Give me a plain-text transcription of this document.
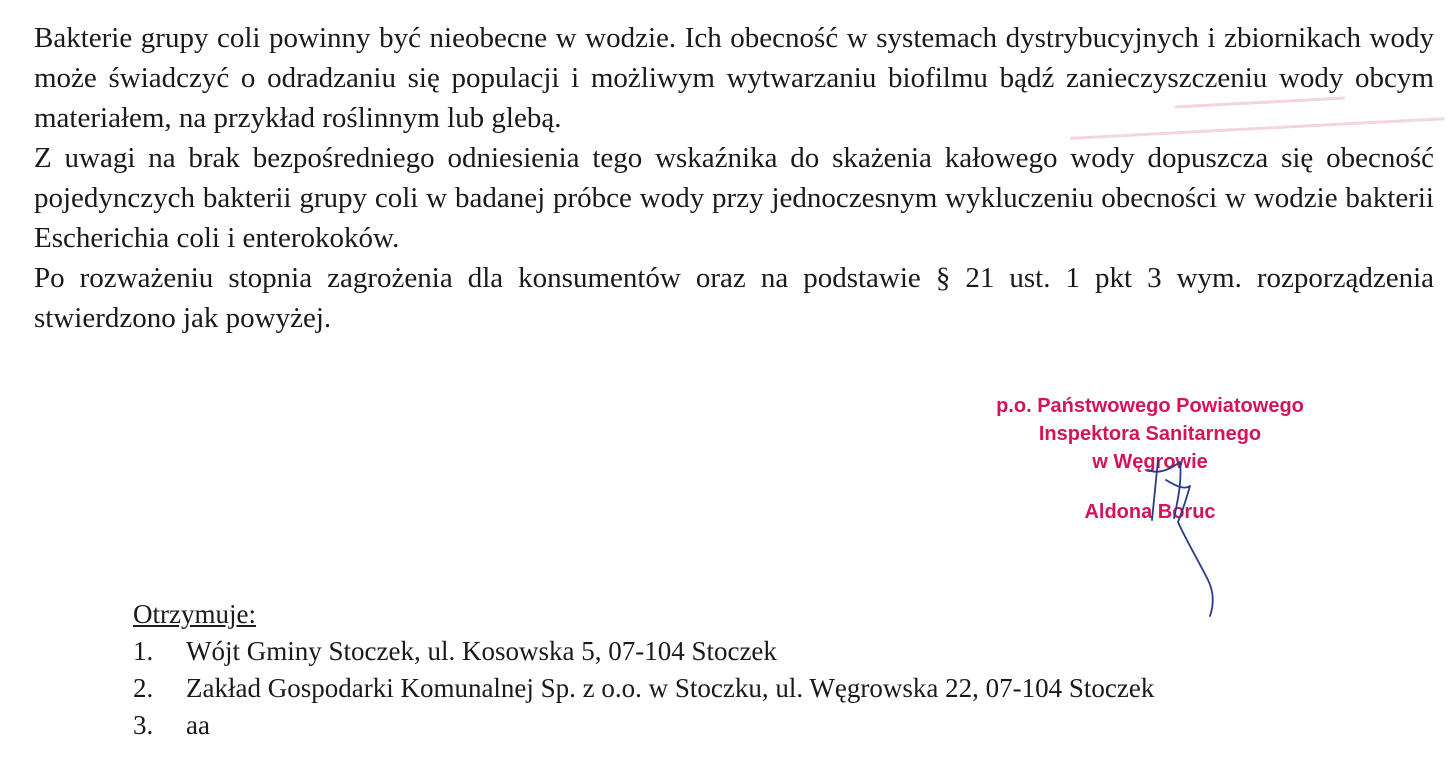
Bakterie grupy coli powinny być nieobecne w wodzie. Ich obecność w systemach dystrybucyjnych i zbiornikach wody może świadczyć o odradzaniu się populacji i możliwym wytwarzaniu biofilmu bądź zanieczyszczeniu wody obcym materiałem, na przykład roślinnym lub glebą.

Z uwagi na brak bezpośredniego odniesienia tego wskaźnika do skażenia kałowego wody dopuszcza się obecność pojedynczych bakterii grupy coli w badanej próbce wody przy jednoczesnym wykluczeniu obecności w wodzie bakterii Escherichia coli i enterokoków.

Po rozważeniu stopnia zagrożenia dla konsumentów oraz na podstawie § 21 ust. 1 pkt 3 wym. rozporządzenia stwierdzono jak powyżej.

p.o. Państwowego Powiatowego
Inspektora Sanitarnego
w Węgrowie
Aldona Boruc

Otrzymuje:

1.	Wójt Gminy Stoczek, ul. Kosowska 5, 07-104 Stoczek
2.	Zakład Gospodarki Komunalnej Sp. z o.o. w Stoczku, ul. Węgrowska 22, 07-104 Stoczek
3.	aa
